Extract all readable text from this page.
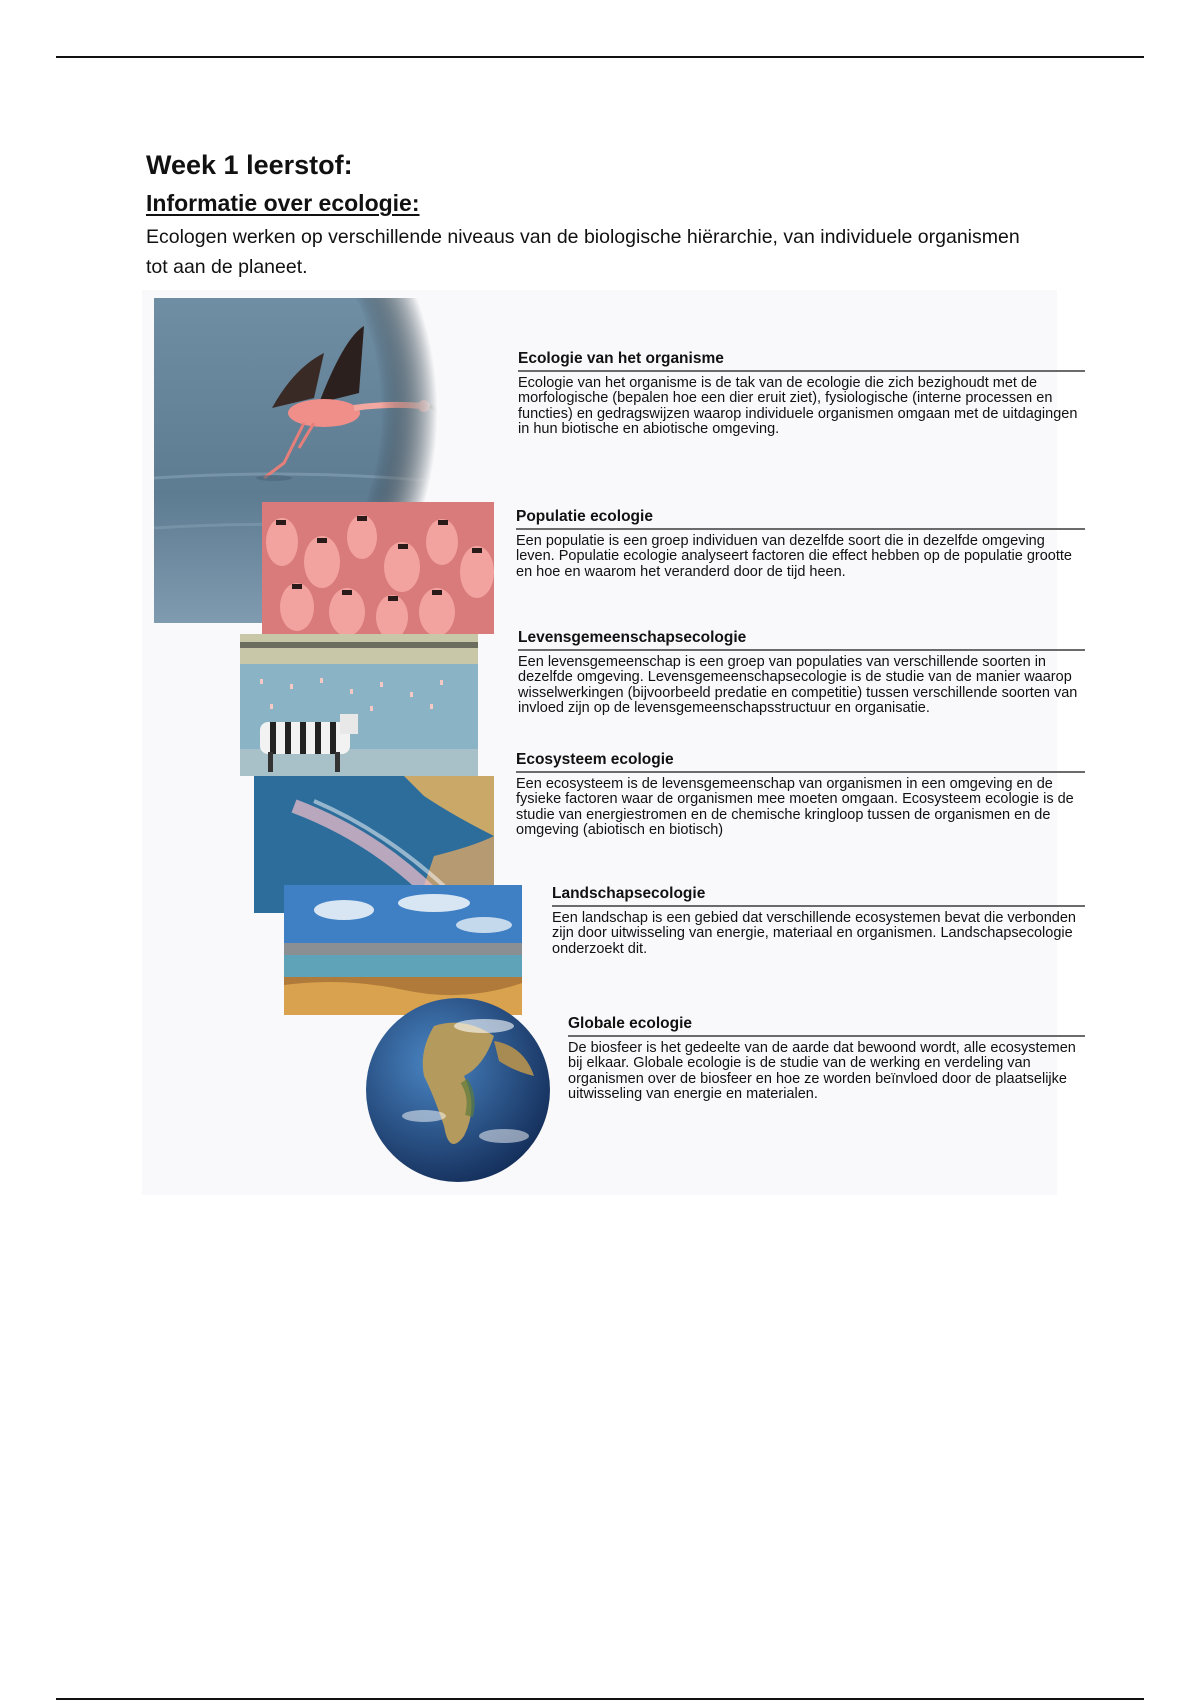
Week 1 leerstof:
Informatie over ecologie:
Ecologen werken op verschillende niveaus van de biologische hiërarchie, van individuele organismen tot aan de planeet.
Ecologie van het organisme

Ecologie van het organisme is de tak van de ecologie die zich bezighoudt met de morfologische (bepalen hoe een dier eruit ziet), fysiologische (interne processen en functies) en gedragswijzen waarop individuele organismen omgaan met de uitdagingen in hun biotische en abiotische omgeving.

Populatie ecologie

Een populatie is een groep individuen van dezelfde soort die in dezelfde omgeving leven. Populatie ecologie analyseert factoren die effect hebben op de populatie grootte en hoe en waarom het veranderd door de tijd heen.

Levensgemeenschapsecologie

Een levensgemeenschap is een groep van populaties van verschillende soorten in dezelfde omgeving. Levensgemeenschapsecologie is de studie van de manier waarop wisselwerkingen (bijvoorbeeld predatie en competitie) tussen verschillende soorten van invloed zijn op de levensgemeenschapsstructuur en organisatie.

Ecosysteem ecologie

Een ecosysteem is de levensgemeenschap van organismen in een omgeving en de fysieke factoren waar de organismen mee moeten omgaan. Ecosysteem ecologie is de studie van energiestromen en de chemische kringloop tussen de organismen en de omgeving (abiotisch en biotisch)

Landschapsecologie

Een landschap is een gebied dat verschillende ecosystemen bevat die verbonden zijn door uitwisseling van energie, materiaal en organismen. Landschapsecologie onderzoekt dit.

Globale ecologie

De biosfeer is het gedeelte van de aarde dat bewoond wordt, alle ecosystemen bij elkaar. Globale ecologie is de studie van de werking en verdeling van organismen over de biosfeer en hoe ze worden beïnvloed door de plaatselijke uitwisseling van energie en materialen.
